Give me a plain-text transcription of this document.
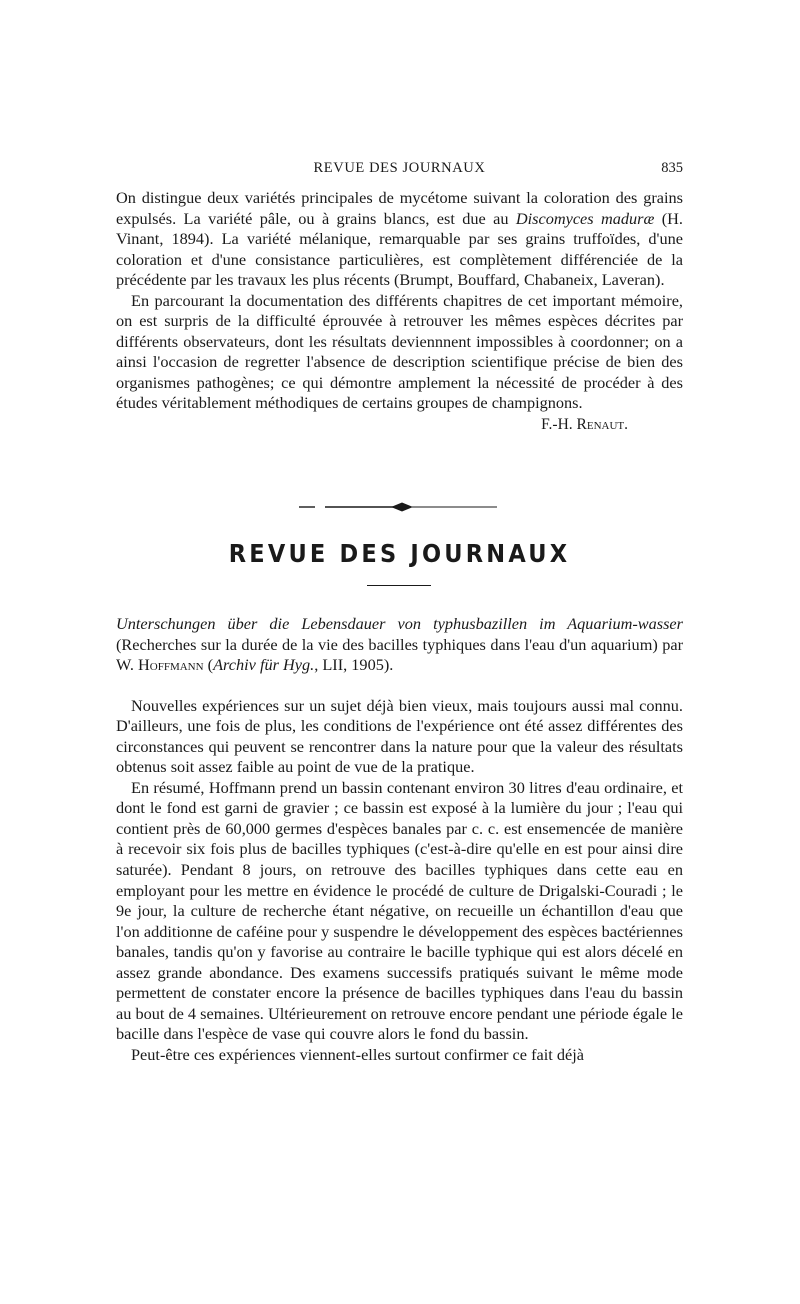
REVUE DES JOURNAUX	835

On distingue deux variétés principales de mycétome suivant la coloration des grains expulsés. La variété pâle, ou à grains blancs, est due au Discomyces maduræ (H. Vinant, 1894). La variété mélanique, remarquable par ses grains truffoïdes, d'une coloration et d'une consistance particulières, est complètement différenciée de la précédente par les travaux les plus récents (Brumpt, Bouffard, Chabaneix, Laveran).

En parcourant la documentation des différents chapitres de cet important mémoire, on est surpris de la difficulté éprouvée à retrouver les mêmes espèces décrites par différents observateurs, dont les résultats deviennnent impossibles à coordonner; on a ainsi l'occasion de regretter l'absence de description scientifique précise de bien des organismes pathogènes; ce qui démontre amplement la nécessité de procéder à des études véritablement méthodiques de certains groupes de champignons.

F.-H. Renaut.
REVUE DES JOURNAUX

Unterschungen über die Lebensdauer von typhusbazillen im Aquarium-wasser (Recherches sur la durée de la vie des bacilles typhiques dans l'eau d'un aquarium) par W. Hoffmann (Archiv für Hyg., LII, 1905).

Nouvelles expériences sur un sujet déjà bien vieux, mais toujours aussi mal connu. D'ailleurs, une fois de plus, les conditions de l'expérience ont été assez différentes des circonstances qui peuvent se rencontrer dans la nature pour que la valeur des résultats obtenus soit assez faible au point de vue de la pratique.

En résumé, Hoffmann prend un bassin contenant environ 30 litres d'eau ordinaire, et dont le fond est garni de gravier ; ce bassin est exposé à la lumière du jour ; l'eau qui contient près de 60,000 germes d'espèces banales par c. c. est ensemencée de manière à recevoir six fois plus de bacilles typhiques (c'est-à-dire qu'elle en est pour ainsi dire saturée). Pendant 8 jours, on retrouve des bacilles typhiques dans cette eau en employant pour les mettre en évidence le procédé de culture de Drigalski-Couradi ; le 9e jour, la culture de recherche étant négative, on recueille un échantillon d'eau que l'on additionne de caféine pour y suspendre le développement des espèces bactériennes banales, tandis qu'on y favorise au contraire le bacille typhique qui est alors décelé en assez grande abondance. Des examens successifs pratiqués suivant le même mode permettent de constater encore la présence de bacilles typhiques dans l'eau du bassin au bout de 4 semaines. Ultérieurement on retrouve encore pendant une période égale le bacille dans l'espèce de vase qui couvre alors le fond du bassin.

Peut-être ces expériences viennent-elles surtout confirmer ce fait déjà
